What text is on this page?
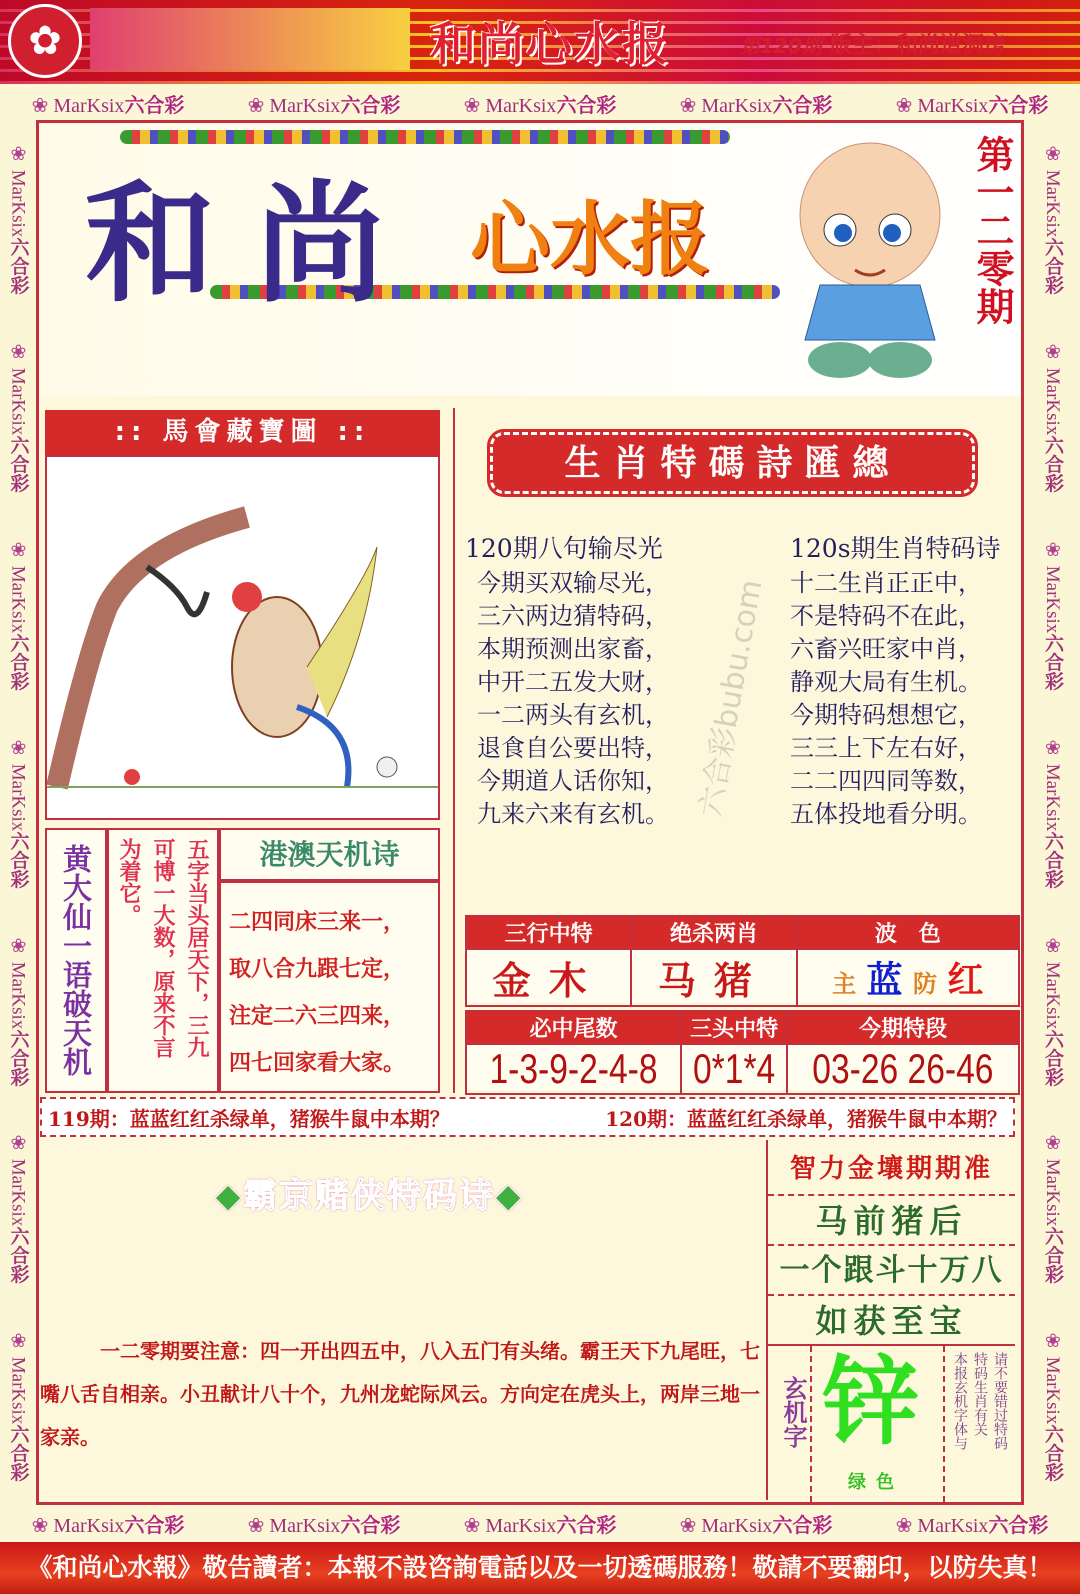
✿	和尚心水报	第120期 版主：和尚道洞房
❀ MarKsix六合彩	❀ MarKsix六合彩	❀ MarKsix六合彩	❀ MarKsix六合彩	❀ MarKsix六合彩
❀ MarKsix六合彩	❀ MarKsix六合彩	❀ MarKsix六合彩	❀ MarKsix六合彩	❀ MarKsix六合彩
❀ MarKsix六合彩
❀ MarKsix六合彩
❀ MarKsix六合彩
❀ MarKsix六合彩
❀ MarKsix六合彩
❀ MarKsix六合彩
❀ MarKsix六合彩
❀ MarKsix六合彩
❀ MarKsix六合彩
❀ MarKsix六合彩
❀ MarKsix六合彩
❀ MarKsix六合彩
❀ MarKsix六合彩
❀ MarKsix六合彩
和尚 心水报	第一二零期
:: 馬會藏寶圖 ::
黄大仙一语破天机	五字当头居天下，三九
可博一大数，原来不言
为着它。	港澳天机诗
二四同床三来一，
取八合九跟七定，
注定二六三四来，
四七回家看大家。
生肖特碼詩匯總
120期八句输尽光
今期买双输尽光，
三六两边猜特码，
本期预测出家畜，
中开二五发大财，
一二两头有玄机，
退食自公要出特，
今期道人话你知，
九来六来有玄机。
120s期生肖特码诗
十二生肖正正中，
不是特码不在此，
六畜兴旺家中肖，
静观大局有生机。
今期特码想想它，
三三上下左右好，
二二四四同等数，
五体投地看分明。
六合彩bubu.com
三行中特	绝杀两肖	波　色
金木	马猪	主 蓝 防 红
必中尾数	三头中特	今期特段

1-3-9-2-4-8	0*1*4	03-26 26-46
119期：蓝蓝红红杀绿单，猪猴牛鼠中本期？	120期：蓝蓝红红杀绿单，猪猴牛鼠中本期？
◆霸京赌侠特码诗◆
一二零期要注意：四一开出四五中，八入五门有头绪。霸王天下九尾旺，七嘴八舌自相亲。小丑献计八十个，九州龙蛇际风云。方向定在虎头上，两岸三地一家亲。
智力金壤期期准
马前猪后
一个跟斗十万八
如获至宝
玄机字 锌
绿色
请不要错过特码
特码生肖有关
本报玄机字体与
《和尚心水報》敬告讀者：本報不設咨詢電話以及一切透碼服務！敬請不要翻印，以防失真！
